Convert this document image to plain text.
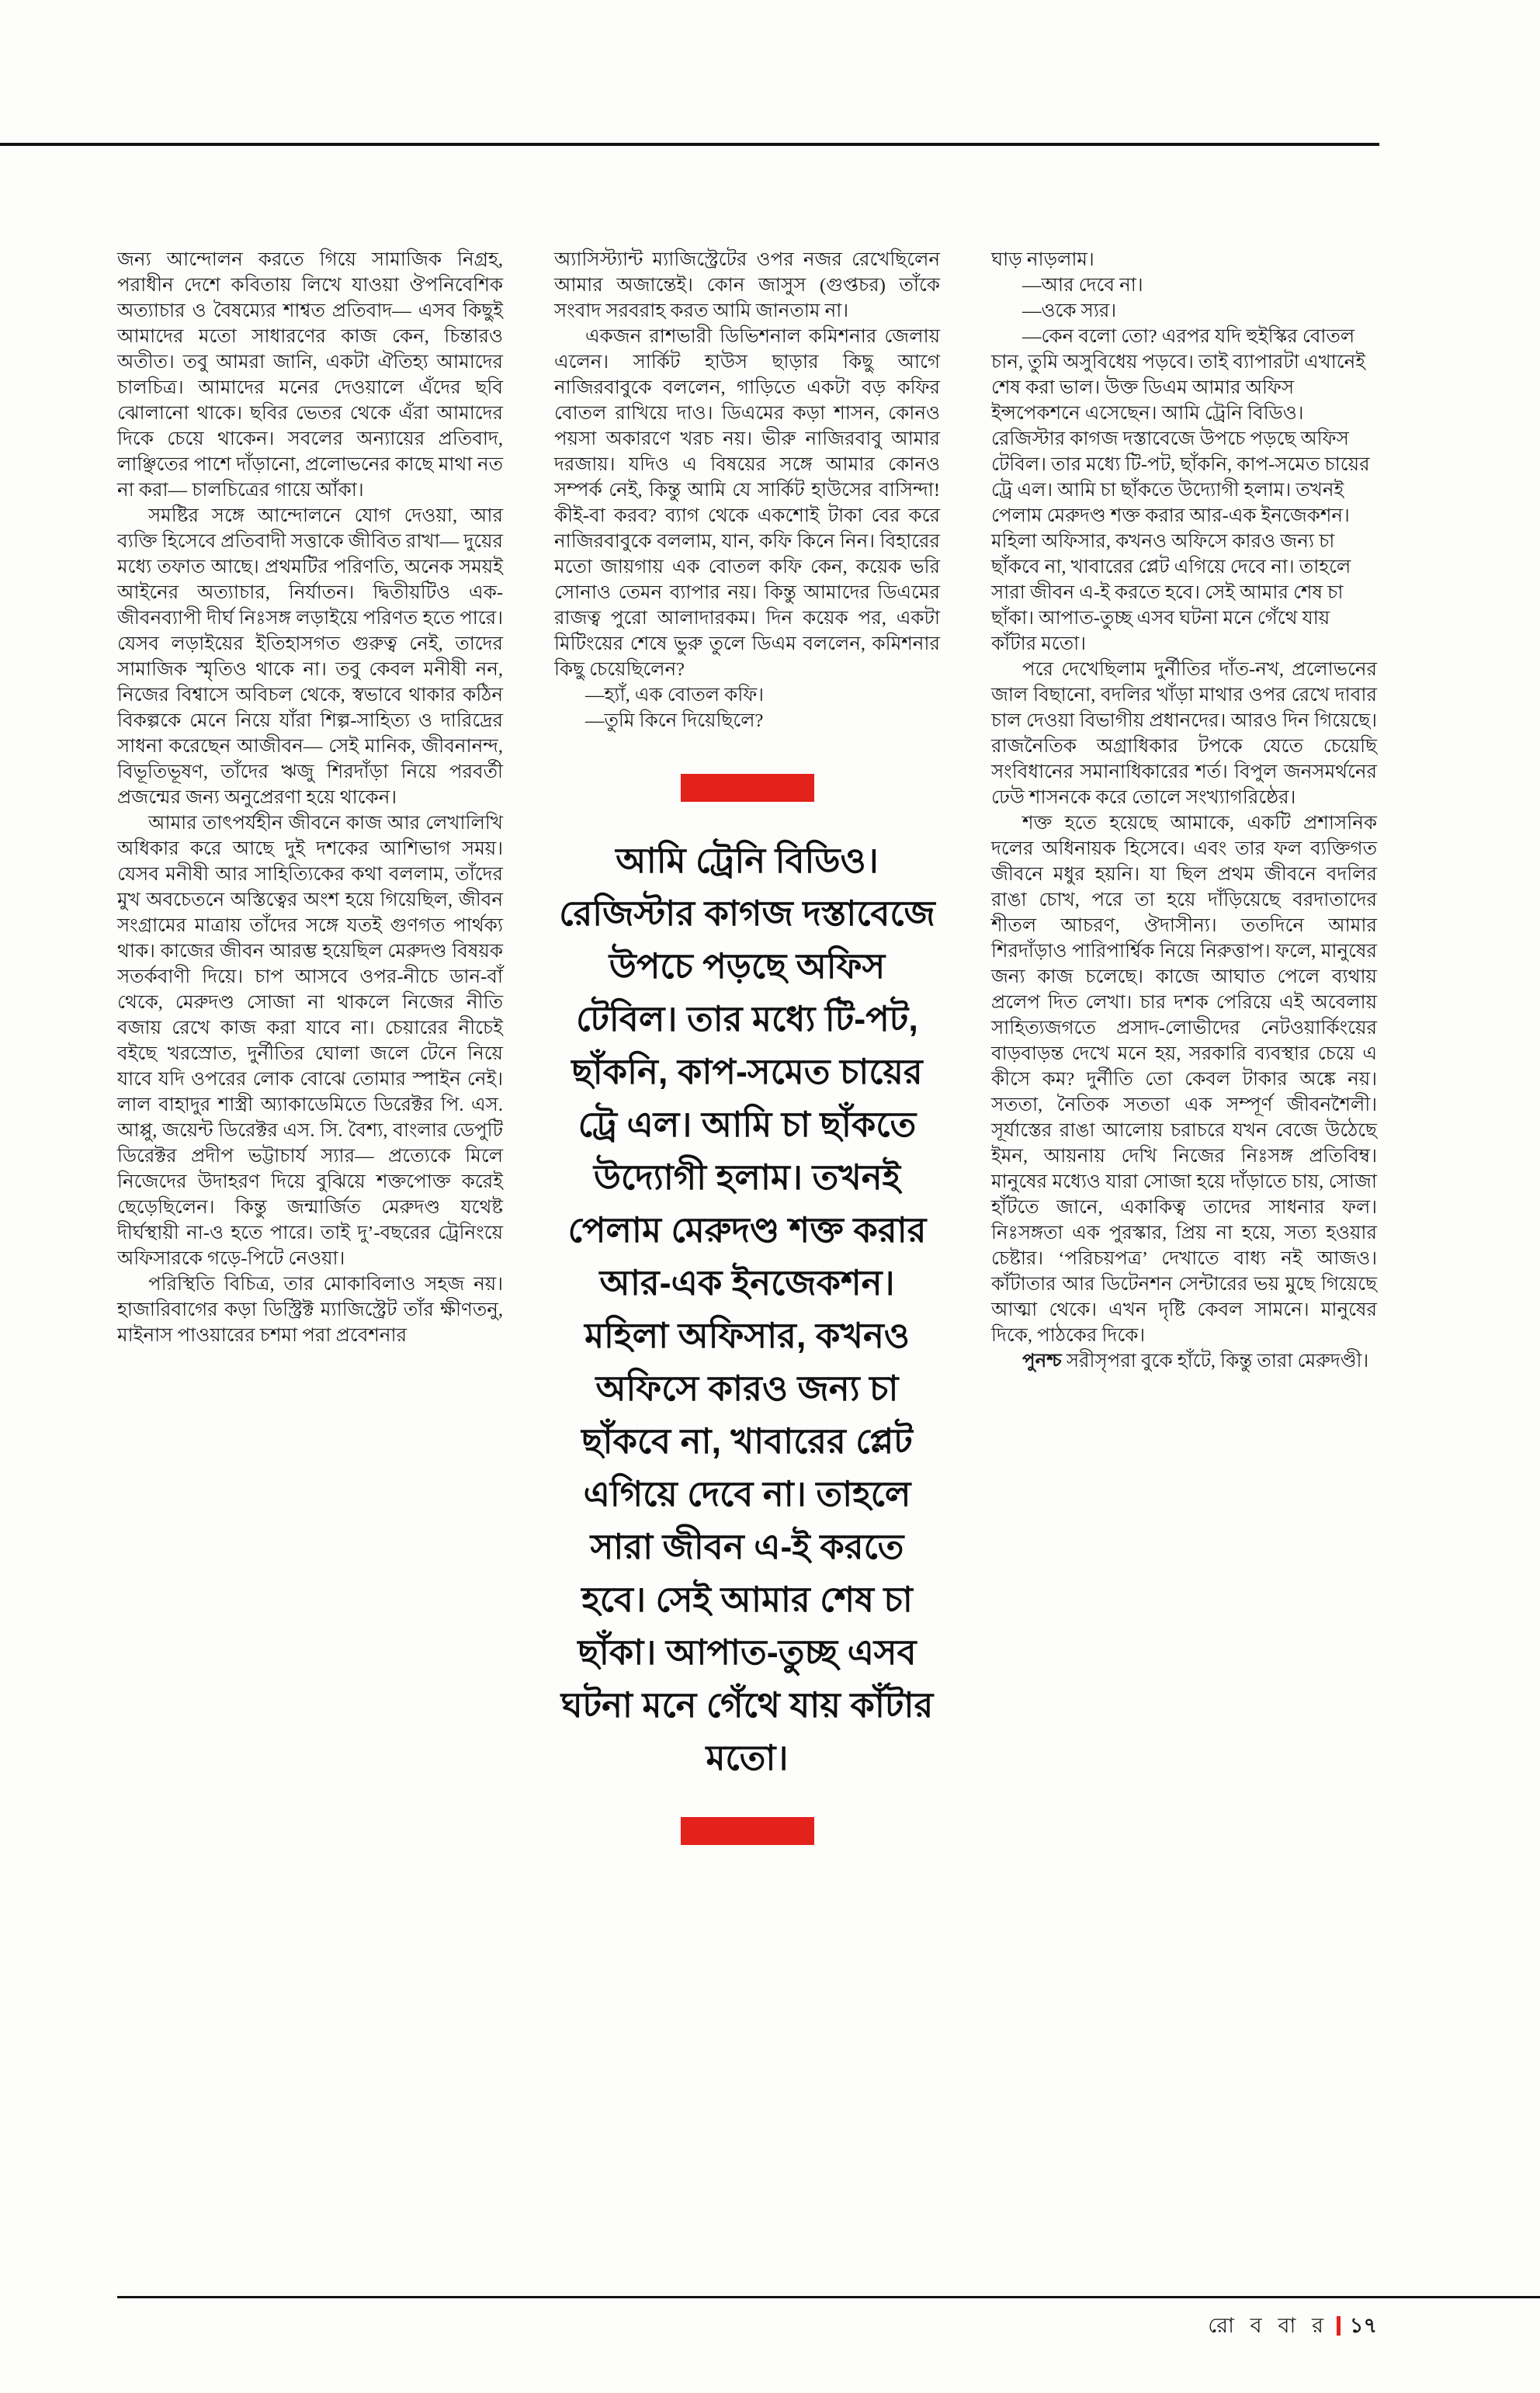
জন্য আন্দোলন করতে গিয়ে সামাজিক নিগ্রহ, পরাধীন দেশে কবিতায় লিখে যাওয়া ঔপনিবেশিক অত্যাচার ও বৈষম্যের শাশ্বত প্রতিবাদ— এসব কিছুই আমাদের মতো সাধারণের কাজ কেন, চিন্তারও অতীত। তবু আমরা জানি, একটা ঐতিহ্য আমাদের চালচিত্র। আমাদের মনের দেওয়ালে এঁদের ছবি ঝোলানো থাকে। ছবির ভেতর থেকে এঁরা আমাদের দিকে চেয়ে থাকেন। সবলের অন্যায়ের প্রতিবাদ, লাঞ্ছিতের পাশে দাঁড়ানো, প্রলোভনের কাছে মাথা নত না করা— চালচিত্রের গায়ে আঁকা।

সমষ্টির সঙ্গে আন্দোলনে যোগ দেওয়া, আর ব্যক্তি হিসেবে প্রতিবাদী সত্তাকে জীবিত রাখা— দুয়ের মধ্যে তফাত আছে। প্রথমটির পরিণতি, অনেক সময়ই আইনের অত্যাচার, নির্যাতন। দ্বিতীয়টিও এক-জীবনব্যাপী দীর্ঘ নিঃসঙ্গ লড়াইয়ে পরিণত হতে পারে। যেসব লড়াইয়ের ইতিহাসগত গুরুত্ব নেই, তাদের সামাজিক স্মৃতিও থাকে না। তবু কেবল মনীষী নন, নিজের বিশ্বাসে অবিচল থেকে, স্বভাবে থাকার কঠিন বিকল্পকে মেনে নিয়ে যাঁরা শিল্প-সাহিত্য ও দারিদ্রের সাধনা করেছেন আজীবন— সেই মানিক, জীবনানন্দ, বিভূতিভূষণ, তাঁদের ঋজু শিরদাঁড়া নিয়ে পরবর্তী প্রজন্মের জন্য অনুপ্রেরণা হয়ে থাকেন।

আমার তাৎপর্যহীন জীবনে কাজ আর লেখালিখি অধিকার করে আছে দুই দশকের আশিভাগ সময়। যেসব মনীষী আর সাহিত্যিকের কথা বললাম, তাঁদের মুখ অবচেতনে অস্তিত্বের অংশ হয়ে গিয়েছিল, জীবন সংগ্রামের মাত্রায় তাঁদের সঙ্গে যতই গুণগত পার্থক্য থাক। কাজের জীবন আরম্ভ হয়েছিল মেরুদণ্ড বিষয়ক সতর্কবাণী দিয়ে। চাপ আসবে ওপর-নীচে ডান-বাঁ থেকে, মেরুদণ্ড সোজা না থাকলে নিজের নীতি বজায় রেখে কাজ করা যাবে না। চেয়ারের নীচেই বইছে খরস্রোত, দুর্নীতির ঘোলা জলে টেনে নিয়ে যাবে যদি ওপরের লোক বোঝে তোমার স্পাইন নেই। লাল বাহাদুর শাস্ত্রী অ্যাকাডেমিতে ডিরেক্টর পি. এস. আপ্পু, জয়েন্ট ডিরেক্টর এস. সি. বৈশ্য, বাংলার ডেপুটি ডিরেক্টর প্রদীপ ভট্টাচার্য স্যার— প্রত্যেকে মিলে নিজেদের উদাহরণ দিয়ে বুঝিয়ে শক্তপোক্ত করেই ছেড়েছিলেন। কিন্তু জন্মার্জিত মেরুদণ্ড যথেষ্ট দীর্ঘস্থায়ী না-ও হতে পারে। তাই দু’-বছরের ট্রেনিংয়ে অফিসারকে গড়ে-পিটে নেওয়া।

পরিস্থিতি বিচিত্র, তার মোকাবিলাও সহজ নয়। হাজারিবাগের কড়া ডিস্ট্রিক্ট ম্যাজিস্ট্রেট তাঁর ক্ষীণতনু, মাইনাস পাওয়ারের চশমা পরা প্রবেশনার

অ্যাসিস্ট্যান্ট ম্যাজিস্ট্রেটের ওপর নজর রেখেছিলেন আমার অজান্তেই। কোন জাসুস (গুপ্তচর) তাঁকে সংবাদ সরবরাহ করত আমি জানতাম না।

একজন রাশভারী ডিভিশনাল কমিশনার জেলায় এলেন। সার্কিট হাউস ছাড়ার কিছু আগে নাজিরবাবুকে বললেন, গাড়িতে একটা বড় কফির বোতল রাখিয়ে দাও। ডিএমের কড়া শাসন, কোনও পয়সা অকারণে খরচ নয়। ভীরু নাজিরবাবু আমার দরজায়। যদিও এ বিষয়ের সঙ্গে আমার কোনও সম্পর্ক নেই, কিন্তু আমি যে সার্কিট হাউসের বাসিন্দা! কীই-বা করব? ব্যাগ থেকে একশোই টাকা বের করে নাজিরবাবুকে বললাম, যান, কফি কিনে নিন। বিহারের মতো জায়গায় এক বোতল কফি কেন, কয়েক ভরি সোনাও তেমন ব্যাপার নয়। কিন্তু আমাদের ডিএমের রাজত্ব পুরো আলাদারকম। দিন কয়েক পর, একটা মিটিংয়ের শেষে ভুরু তুলে ডিএম বললেন, কমিশনার কিছু চেয়েছিলেন?

—হ্যাঁ, এক বোতল কফি।

—তুমি কিনে দিয়েছিলে?

আমি ট্রেনি বিডিও। রেজিস্টার কাগজ দস্তাবেজে উপচে পড়ছে অফিস টেবিল। তার মধ্যে টি-পট, ছাঁকনি, কাপ-সমেত চায়ের ট্রে এল। আমি চা ছাঁকতে উদ্যোগী হলাম। তখনই পেলাম মেরুদণ্ড শক্ত করার আর-এক ইনজেকশন। মহিলা অফিসার, কখনও অফিসে কারও জন্য চা ছাঁকবে না, খাবারের প্লেট এগিয়ে দেবে না। তাহলে সারা জীবন এ-ই করতে হবে। সেই আমার শেষ চা ছাঁকা। আপাত-তুচ্ছ এসব ঘটনা মনে গেঁথে যায় কাঁটার মতো।

ঘাড় নাড়লাম।

—আর দেবে না।

—ওকে স্যর।

—কেন বলো তো? এরপর যদি হুইস্কির বোতল চান, তুমি অসুবিধেয় পড়বে। তাই ব্যাপারটা এখানেই শেষ করা ভাল। উক্ত ডিএম আমার অফিস ইন্সপেকশনে এসেছেন। আমি ট্রেনি বিডিও। রেজিস্টার কাগজ দস্তাবেজে উপচে পড়ছে অফিস টেবিল। তার মধ্যে টি-পট, ছাঁকনি, কাপ-সমেত চায়ের ট্রে এল। আমি চা ছাঁকতে উদ্যোগী হলাম। তখনই পেলাম মেরুদণ্ড শক্ত করার আর-এক ইনজেকশন। মহিলা অফিসার, কখনও অফিসে কারও জন্য চা ছাঁকবে না, খাবারের প্লেট এগিয়ে দেবে না। তাহলে সারা জীবন এ-ই করতে হবে। সেই আমার শেষ চা ছাঁকা। আপাত-তুচ্ছ এসব ঘটনা মনে গেঁথে যায় কাঁটার মতো।

পরে দেখেছিলাম দুর্নীতির দাঁত-নখ, প্রলোভনের জাল বিছানো, বদলির খাঁড়া মাথার ওপর রেখে দাবার চাল দেওয়া বিভাগীয় প্রধানদের। আরও দিন গিয়েছে। রাজনৈতিক অগ্রাধিকার টপকে যেতে চেয়েছি সংবিধানের সমানাধিকারের শর্ত। বিপুল জনসমর্থনের ঢেউ শাসনকে করে তোলে সংখ্যাগরিষ্ঠের।

শক্ত হতে হয়েছে আমাকে, একটি প্রশাসনিক দলের অধিনায়ক হিসেবে। এবং তার ফল ব্যক্তিগত জীবনে মধুর হয়নি। যা ছিল প্রথম জীবনে বদলির রাঙা চোখ, পরে তা হয়ে দাঁড়িয়েছে বরদাতাদের শীতল আচরণ, ঔদাসীন্য। ততদিনে আমার শিরদাঁড়াও পারিপার্শ্বিক নিয়ে নিরুত্তাপ। ফলে, মানুষের জন্য কাজ চলেছে। কাজে আঘাত পেলে ব্যথায় প্রলেপ দিত লেখা। চার দশক পেরিয়ে এই অবেলায় সাহিত্যজগতে প্রসাদ-লোভীদের নেটওয়ার্কিংয়ের বাড়বাড়ন্ত দেখে মনে হয়, সরকারি ব্যবস্থার চেয়ে এ কীসে কম? দুর্নীতি তো কেবল টাকার অঙ্কে নয়। সততা, নৈতিক সততা এক সম্পূর্ণ জীবনশৈলী। সূর্যাস্তের রাঙা আলোয় চরাচরে যখন বেজে উঠেছে ইমন, আয়নায় দেখি নিজের নিঃসঙ্গ প্রতিবিম্ব। মানুষের মধ্যেও যারা সোজা হয়ে দাঁড়াতে চায়, সোজা হাঁটতে জানে, একাকিত্ব তাদের সাধনার ফল। নিঃসঙ্গতা এক পুরস্কার, প্রিয় না হয়ে, সত্য হওয়ার চেষ্টার। ‘পরিচয়পত্র’ দেখাতে বাধ্য নই আজও। কাঁটাতার আর ডিটেনশন সেন্টারের ভয় মুছে গিয়েছে আত্মা থেকে। এখন দৃষ্টি কেবল সামনে। মানুষের দিকে, পাঠকের দিকে।

পুনশ্চ সরীসৃপরা বুকে হাঁটে, কিন্তু তারা মেরুদণ্ডী।

রো ব বা র ১৭
